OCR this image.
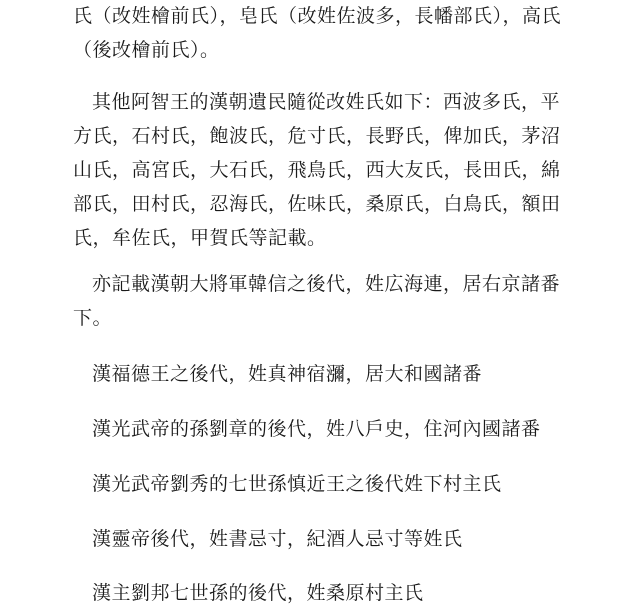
氏（改姓檜前氏），皂氏（改姓佐波多，長幡部氏），高氏（後改檜前氏）。

其他阿智王的漢朝遺民隨從改姓氏如下：西波多氏，平方氏，石村氏，飽波氏，危寸氏，長野氏，俾加氏，茅沼山氏，高宮氏，大石氏，飛鳥氏，西大友氏，長田氏，綿部氏，田村氏，忍海氏，佐味氏，桑原氏，白鳥氏，額田氏，牟佐氏，甲賀氏等記載。

亦記載漢朝大將軍韓信之後代，姓広海連，居右京諸番下。

漢福德王之後代，姓真神宿瀰，居大和國諸番
漢光武帝的孫劉章的後代，姓八戶史，住河內國諸番
漢光武帝劉秀的七世孫慎近王之後代姓下村主氏
漢靈帝後代，姓書忌寸，紀酒人忌寸等姓氏
漢主劉邦七世孫的後代，姓桑原村主氏
